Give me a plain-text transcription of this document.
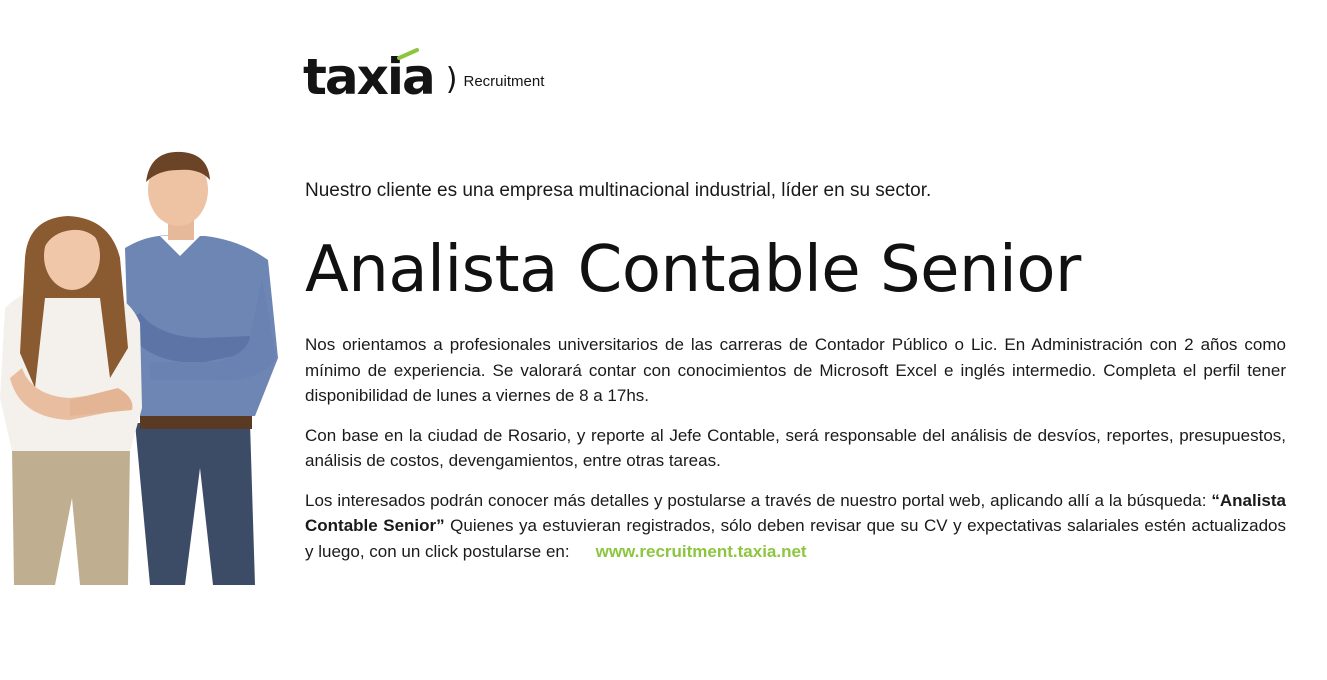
taxia ) Recruitment

Nuestro cliente es una empresa multinacional industrial, líder en su sector.

Analista Contable Senior

Nos orientamos a profesionales universitarios de las carreras de Contador Público o Lic. En Administración con 2 años como mínimo de experiencia. Se valorará contar con conocimientos de Microsoft Excel e inglés intermedio. Completa el perfil tener disponibilidad de lunes a viernes de 8 a 17hs.

Con base en la ciudad de Rosario, y reporte al Jefe Contable, será responsable del análisis de desvíos, reportes, presupuestos, análisis de costos, devengamientos, entre otras tareas.

Los interesados podrán conocer más detalles y postularse a través de nuestro portal web, aplicando allí a la búsqueda: “Analista Contable Senior” Quienes ya estuvieran registrados, sólo deben revisar que su CV y expectativas salariales estén actualizados y luego, con un click postularse en: www.recruitment.taxia.net
